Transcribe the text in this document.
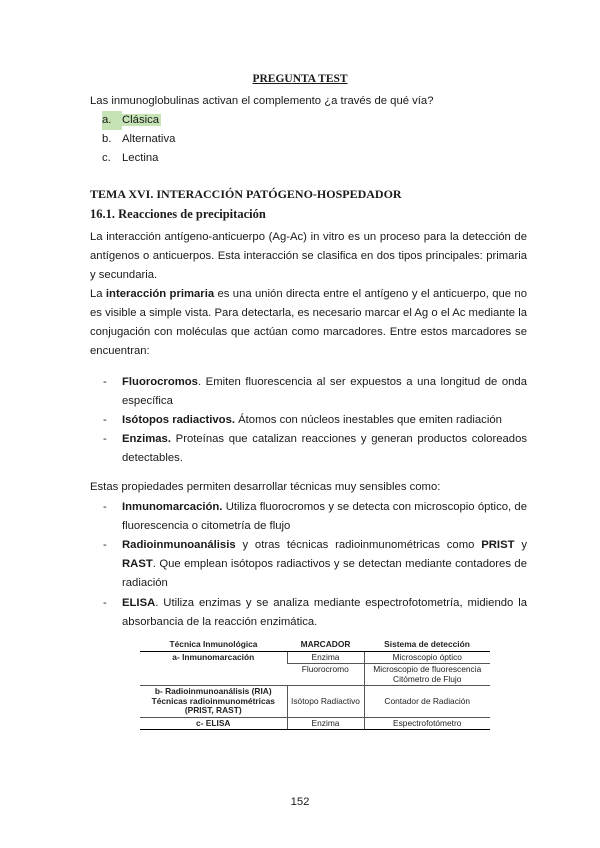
PREGUNTA TEST
Las inmunoglobulinas activan el complemento ¿a través de qué vía?
a. Clásica
b. Alternativa
c. Lectina
TEMA XVI. INTERACCIÓN PATÓGENO-HOSPEDADOR
16.1. Reacciones de precipitación
La interacción antígeno-anticuerpo (Ag-Ac) in vitro es un proceso para la detección de antígenos o anticuerpos. Esta interacción se clasifica en dos tipos principales: primaria y secundaria.
La interacción primaria es una unión directa entre el antígeno y el anticuerpo, que no es visible a simple vista. Para detectarla, es necesario marcar el Ag o el Ac mediante la conjugación con moléculas que actúan como marcadores. Entre estos marcadores se encuentran:
- Fluorocromos. Emiten fluorescencia al ser expuestos a una longitud de onda específica
- Isótopos radiactivos. Átomos con núcleos inestables que emiten radiación
- Enzimas. Proteínas que catalizan reacciones y generan productos coloreados detectables.
Estas propiedades permiten desarrollar técnicas muy sensibles como:
- Inmunomarcación. Utiliza fluorocromos y se detecta con microscopio óptico, de fluorescencia o citometría de flujo
- Radioinmunoanálisis y otras técnicas radioinmunométricas como PRIST y RAST. Que emplean isótopos radiactivos y se detectan mediante contadores de radiación
- ELISA. Utiliza enzimas y se analiza mediante espectrofotometría, midiendo la absorbancia de la reacción enzimática.
Técnica Inmunológica	MARCADOR	Sistema de detección
a- Inmunomarcación	Enzima	Microscopio óptico
	Fluorocromo	Microscopio de fluorescencia Citómetro de Flujo
b- Radioinmunoanálisis (RIA) Técnicas radioinmunométricas (PRIST, RAST)	Isótopo Radiactivo	Contador de Radiación
c- ELISA	Enzima	Espectrofotómetro
152
